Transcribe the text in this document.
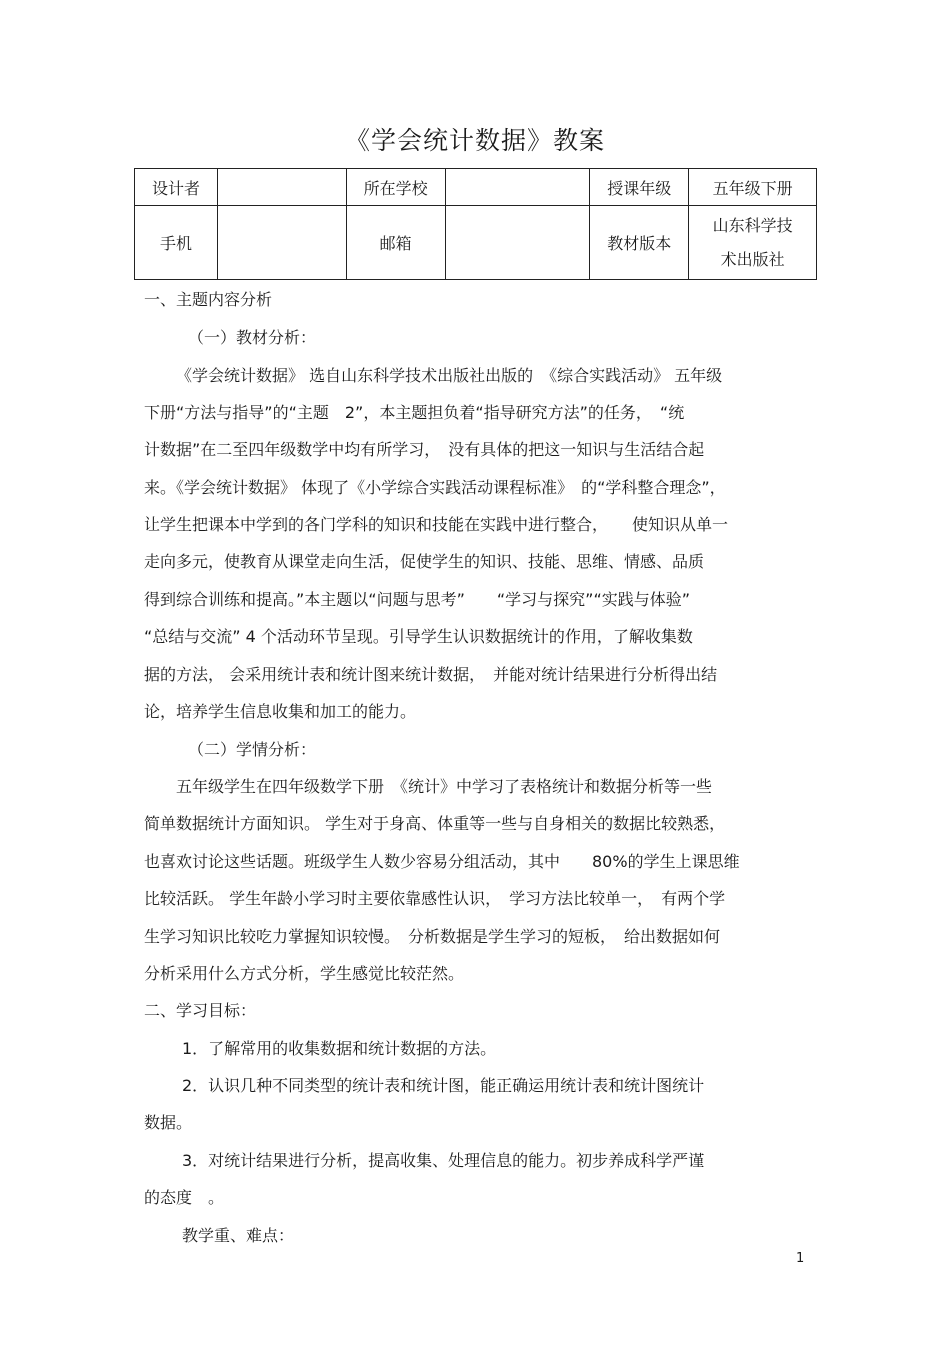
《学会统计数据》教案
设计者		所在学校		授课年级	五年级下册
手机		邮箱		教材版本	山东科学技
术出版社
一、主题内容分析
（一）教材分析：
《学会统计数据》 选自山东科学技术出版社出版的　《综合实践活动》 五年级
下册“方法与指导”的“主题　2”，本主题担负着“指导研究方法”的任务，　“统
计数据”在二至四年级数学中均有所学习，　没有具体的把这一知识与生活结合起
来。《学会统计数据》 体现了《小学综合实践活动课程标准》　的“学科整合理念”，
让学生把课本中学到的各门学科的知识和技能在实践中进行整合，　　使知识从单一
走向多元，使教育从课堂走向生活，促使学生的知识、技能、思维、情感、品质
得到综合训练和提高。”本主题以“问题与思考”　　“学习与探究”“实践与体验”
“总结与交流” 4 个活动环节呈现。引导学生认识数据统计的作用，了解收集数
据的方法， 会采用统计表和统计图来统计数据，　并能对统计结果进行分析得出结
论，培养学生信息收集和加工的能力。
（二）学情分析：
五年级学生在四年级数学下册　《统计》中学习了表格统计和数据分析等一些
简单数据统计方面知识。 学生对于身高、体重等一些与自身相关的数据比较熟悉，
也喜欢讨论这些话题。班级学生人数少容易分组活动，其中　　80%的学生上课思维
比较活跃。 学生年龄小学习时主要依靠感性认识，　学习方法比较单一，　有两个学
生学习知识比较吃力掌握知识较慢。　分析数据是学生学习的短板，　给出数据如何
分析采用什么方式分析，学生感觉比较茫然。
二、学习目标：
1．了解常用的收集数据和统计数据的方法。
2．认识几种不同类型的统计表和统计图，能正确运用统计表和统计图统计
数据。
3．对统计结果进行分析，提高收集、处理信息的能力。初步养成科学严谨
的态度　。
教学重、难点：
1
